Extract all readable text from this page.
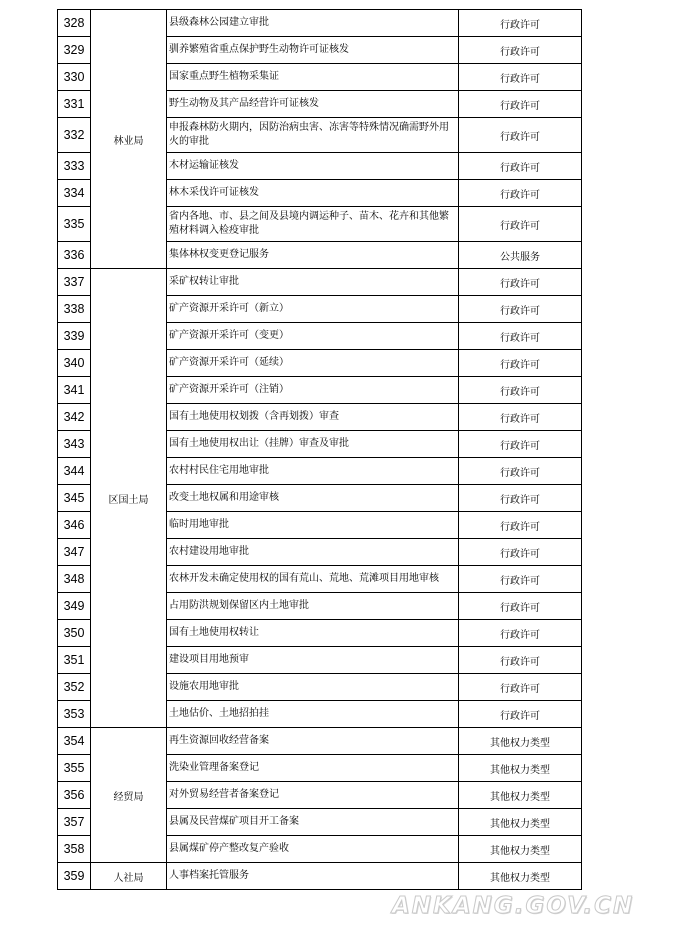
328	林业局	县级森林公园建立审批	行政许可
329		驯养繁殖省重点保护野生动物许可证核发	行政许可
330		国家重点野生植物采集证	行政许可
331		野生动物及其产品经营许可证核发	行政许可
332		申报森林防火期内，因防治病虫害、冻害等特殊情况确需野外用火的审批	行政许可
333		木材运输证核发	行政许可
334		林木采伐许可证核发	行政许可
335		省内各地、市、县之间及县境内调运种子、苗木、花卉和其他繁殖材料调入检疫审批	行政许可
336		集体林权变更登记服务	公共服务
337	区国土局	采矿权转让审批	行政许可
338		矿产资源开采许可（新立）	行政许可
339		矿产资源开采许可（变更）	行政许可
340		矿产资源开采许可（延续）	行政许可
341		矿产资源开采许可（注销）	行政许可
342		国有土地使用权划拨（含再划拨）审查	行政许可
343		国有土地使用权出让（挂牌）审查及审批	行政许可
344		农村村民住宅用地审批	行政许可
345		改变土地权属和用途审核	行政许可
346		临时用地审批	行政许可
347		农村建设用地审批	行政许可
348		农林开发未确定使用权的国有荒山、荒地、荒滩项目用地审核	行政许可
349		占用防洪规划保留区内土地审批	行政许可
350		国有土地使用权转让	行政许可
351		建设项目用地预审	行政许可
352		设施农用地审批	行政许可
353		土地估价、土地招拍挂	行政许可
354	经贸局	再生资源回收经营备案	其他权力类型
355		洗染业管理备案登记	其他权力类型
356		对外贸易经营者备案登记	其他权力类型
357		县属及民营煤矿项目开工备案	其他权力类型
358		县属煤矿停产整改复产验收	其他权力类型
359	人社局	人事档案托管服务	其他权力类型
ANKANG.GOV.CN
